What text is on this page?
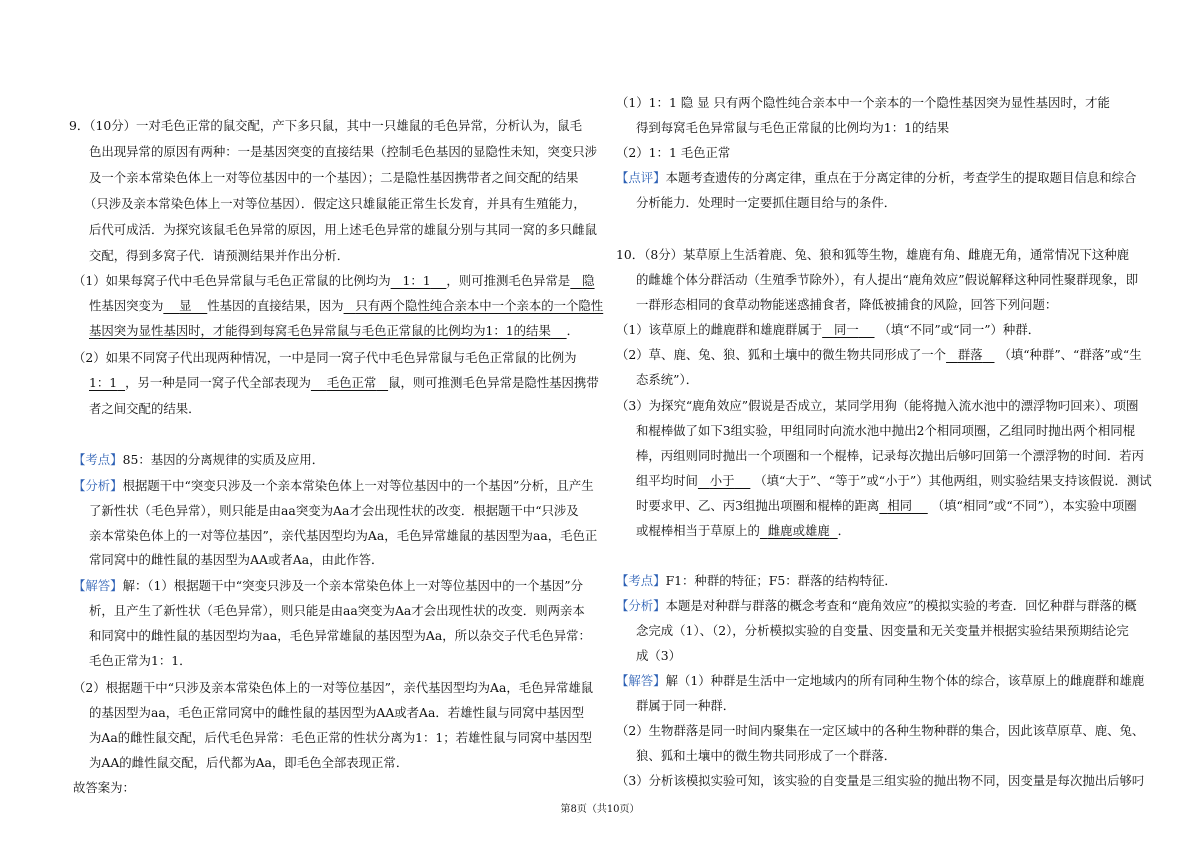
9．（10分）一对毛色正常的鼠交配，产下多只鼠，其中一只雄鼠的毛色异常，分析认为，鼠毛
色出现异常的原因有两种：一是基因突变的直接结果（控制毛色基因的显隐性未知，突变只涉
及一个亲本常染色体上一对等位基因中的一个基因）；二是隐性基因携带者之间交配的结果
（只涉及亲本常染色体上一对等位基因）．假定这只雄鼠能正常生长发育，并具有生殖能力，
后代可成活．为探究该鼠毛色异常的原因，用上述毛色异常的雄鼠分别与其同一窝的多只雌鼠
交配，得到多窝子代．请预测结果并作出分析．
（1）如果每窝子代中毛色异常鼠与毛色正常鼠的比例均为 1：1 ，则可推测毛色异常是 隐
性基因突变为 显 性基因的直接结果，因为 只有两个隐性纯合亲本中一个亲本的一个隐性
基因突为显性基因时，才能得到每窝毛色异常鼠与毛色正常鼠的比例均为1：1的结果 ．
（2）如果不同窝子代出现两种情况，一中是同一窝子代中毛色异常鼠与毛色正常鼠的比例为
1：1 ，另一种是同一窝子代全部表现为 毛色正常 鼠，则可推测毛色异常是隐性基因携带
者之间交配的结果．
【考点】85：基因的分离规律的实质及应用．
【分析】根据题干中“突变只涉及一个亲本常染色体上一对等位基因中的一个基因”分析，且产生
了新性状（毛色异常），则只能是由aa突变为Aa才会出现性状的改变．根据题干中“只涉及
亲本常染色体上的一对等位基因”，亲代基因型均为Aa，毛色异常雄鼠的基因型为aa，毛色正
常同窝中的雌性鼠的基因型为AA或者Aa，由此作答．
【解答】解：（1）根据题干中“突变只涉及一个亲本常染色体上一对等位基因中的一个基因”分
析，且产生了新性状（毛色异常），则只能是由aa突变为Aa才会出现性状的改变．则两亲本
和同窝中的雌性鼠的基因型均为aa，毛色异常雄鼠的基因型为Aa，所以杂交子代毛色异常：
毛色正常为1：1．
（2）根据题干中“只涉及亲本常染色体上的一对等位基因”，亲代基因型均为Aa，毛色异常雄鼠
的基因型为aa，毛色正常同窝中的雌性鼠的基因型为AA或者Aa．若雄性鼠与同窝中基因型
为Aa的雌性鼠交配，后代毛色异常：毛色正常的性状分离为1：1；若雄性鼠与同窝中基因型
为AA的雌性鼠交配，后代都为Aa，即毛色全部表现正常．
故答案为：
（1）1：1 隐 显 只有两个隐性纯合亲本中一个亲本的一个隐性基因突为显性基因时，才能
得到每窝毛色异常鼠与毛色正常鼠的比例均为1：1的结果
（2）1：1 毛色正常
【点评】本题考查遗传的分离定律，重点在于分离定律的分析，考查学生的提取题目信息和综合
分析能力．处理时一定要抓住题目给与的条件．
10．（8分）某草原上生活着鹿、兔、狼和狐等生物，雄鹿有角、雌鹿无角，通常情况下这种鹿
的雌雄个体分群活动（生殖季节除外），有人提出“鹿角效应”假说解释这种同性聚群现象，即
一群形态相同的食草动物能迷惑捕食者，降低被捕食的风险，回答下列问题：
（1）该草原上的雌鹿群和雄鹿群属于 同一 （填“不同”或“同一”）种群．
（2）草、鹿、兔、狼、狐和土壤中的微生物共同形成了一个 群落 （填“种群”、“群落”或“生
态系统”）．
（3）为探究“鹿角效应”假说是否成立，某同学用狗（能将抛入流水池中的漂浮物叼回来）、项圈
和棍棒做了如下3组实验，甲组同时向流水池中抛出2个相同项圈，乙组同时抛出两个相同棍
棒，丙组则同时抛出一个项圈和一个棍棒，记录每次抛出后够叼回第一个漂浮物的时间．若丙
组平均时间 小于 （填“大于”、“等于”或“小于”）其他两组，则实验结果支持该假说．测试
时要求甲、乙、丙3组抛出项圈和棍棒的距离 相同 （填“相同”或“不同”），本实验中项圈
或棍棒相当于草原上的 雌鹿或雄鹿 ．
【考点】F1：种群的特征；F5：群落的结构特征．
【分析】本题是对种群与群落的概念考查和“鹿角效应”的模拟实验的考查．回忆种群与群落的概
念完成（1）、（2），分析模拟实验的自变量、因变量和无关变量并根据实验结果预期结论完
成（3）
【解答】解（1）种群是生活中一定地域内的所有同种生物个体的综合，该草原上的雌鹿群和雄鹿
群属于同一种群．
（2）生物群落是同一时间内聚集在一定区域中的各种生物种群的集合，因此该草原草、鹿、兔、
狼、狐和土壤中的微生物共同形成了一个群落．
（3）分析该模拟实验可知，该实验的自变量是三组实验的抛出物不同，因变量是每次抛出后够叼
第8页（共10页）
